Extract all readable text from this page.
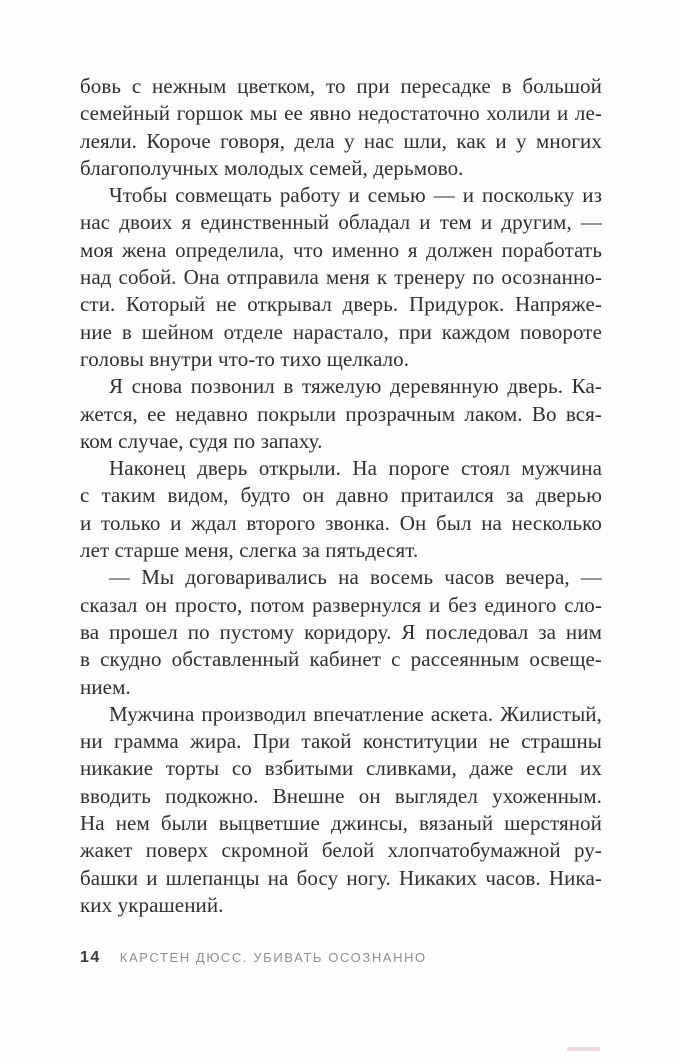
бовь с нежным цветком, то при пересадке в большой
семейный горшок мы ее явно недостаточно холили и ле-
леяли. Короче говоря, дела у нас шли, как и у многих
благополучных молодых семей, дерьмово.
Чтобы совмещать работу и семью — и поскольку из
нас двоих я единственный обладал и тем и другим, —
моя жена определила, что именно я должен поработать
над собой. Она отправила меня к тренеру по осознанно-
сти. Который не открывал дверь. Придурок. Напряже-
ние в шейном отделе нарастало, при каждом повороте
головы внутри что-то тихо щелкало.
Я снова позвонил в тяжелую деревянную дверь. Ка-
жется, ее недавно покрыли прозрачным лаком. Во вся-
ком случае, судя по запаху.
Наконец дверь открыли. На пороге стоял мужчина
с таким видом, будто он давно притаился за дверью
и только и ждал второго звонка. Он был на несколько
лет старше меня, слегка за пятьдесят.
— Мы договаривались на восемь часов вечера, —
сказал он просто, потом развернулся и без единого сло-
ва прошел по пустому коридору. Я последовал за ним
в скудно обставленный кабинет с рассеянным освеще-
нием.
Мужчина производил впечатление аскета. Жилистый,
ни грамма жира. При такой конституции не страшны
никакие торты со взбитыми сливками, даже если их
вводить подкожно. Внешне он выглядел ухоженным.
На нем были выцветшие джинсы, вязаный шерстяной
жакет поверх скромной белой хлопчатобумажной ру-
башки и шлепанцы на босу ногу. Никаких часов. Ника-
ких украшений.
14 КАРСТЕН ДЮСС. УБИВАТЬ ОСОЗНАННО
